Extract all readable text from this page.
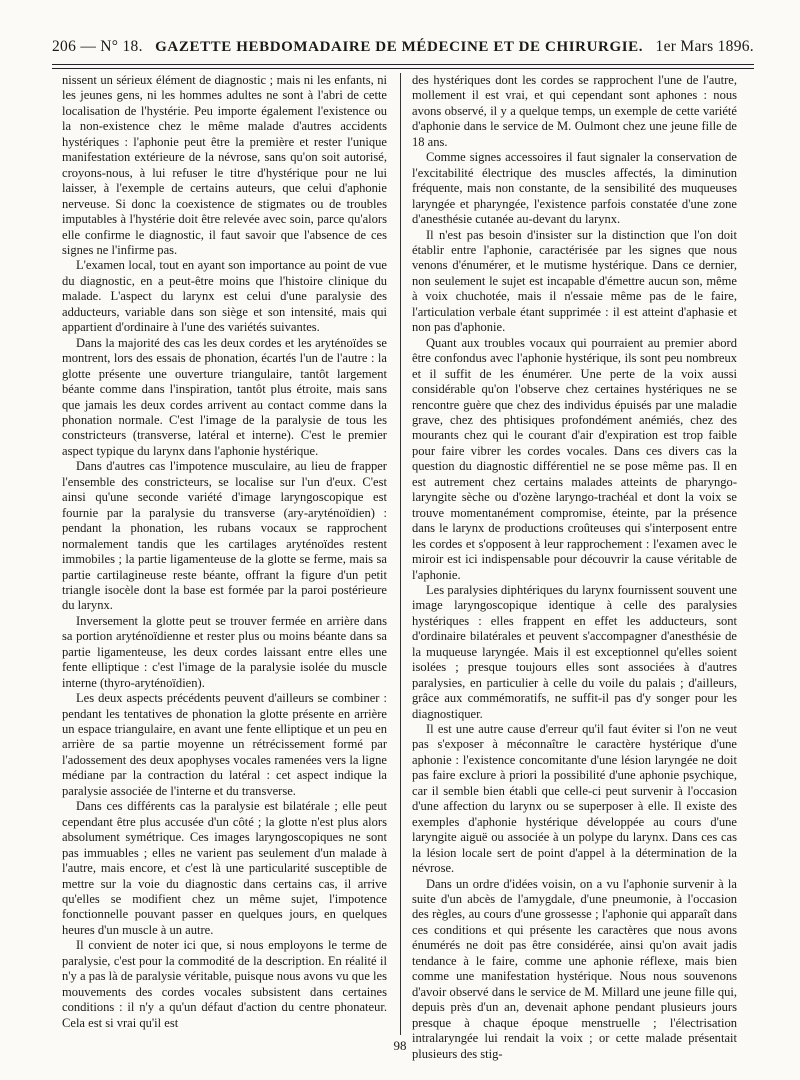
206 — N° 18. GAZETTE HEBDOMADAIRE DE MÉDECINE ET DE CHIRURGIE. 1er Mars 1896.

nissent un sérieux élément de diagnostic ; mais ni les enfants, ni les jeunes gens, ni les hommes adultes ne sont à l'abri de cette localisation de l'hystérie. Peu importe également l'existence ou la non-existence chez le même malade d'autres accidents hystériques : l'aphonie peut être la première et rester l'unique manifestation extérieure de la névrose, sans qu'on soit autorisé, croyons-nous, à lui refuser le titre d'hystérique pour ne lui laisser, à l'exemple de certains auteurs, que celui d'aphonie nerveuse. Si donc la coexistence de stigmates ou de troubles imputables à l'hystérie doit être relevée avec soin, parce qu'alors elle confirme le diagnostic, il faut savoir que l'absence de ces signes ne l'infirme pas.

L'examen local, tout en ayant son importance au point de vue du diagnostic, en a peut-être moins que l'histoire clinique du malade. L'aspect du larynx est celui d'une paralysie des adducteurs, variable dans son siège et son intensité, mais qui appartient d'ordinaire à l'une des variétés suivantes.

Dans la majorité des cas les deux cordes et les aryténoïdes se montrent, lors des essais de phonation, écartés l'un de l'autre : la glotte présente une ouverture triangulaire, tantôt largement béante comme dans l'inspiration, tantôt plus étroite, mais sans que jamais les deux cordes arrivent au contact comme dans la phonation normale. C'est l'image de la paralysie de tous les constricteurs (transverse, latéral et interne). C'est le premier aspect typique du larynx dans l'aphonie hystérique.

Dans d'autres cas l'impotence musculaire, au lieu de frapper l'ensemble des constricteurs, se localise sur l'un d'eux. C'est ainsi qu'une seconde variété d'image laryngoscopique est fournie par la paralysie du transverse (ary-aryténoïdien) : pendant la phonation, les rubans vocaux se rapprochent normalement tandis que les cartilages aryténoïdes restent immobiles ; la partie ligamenteuse de la glotte se ferme, mais sa partie cartilagineuse reste béante, offrant la figure d'un petit triangle isocèle dont la base est formée par la paroi postérieure du larynx.

Inversement la glotte peut se trouver fermée en arrière dans sa portion aryténoïdienne et rester plus ou moins béante dans sa partie ligamenteuse, les deux cordes laissant entre elles une fente elliptique : c'est l'image de la paralysie isolée du muscle interne (thyro-aryténoïdien).

Les deux aspects précédents peuvent d'ailleurs se combiner : pendant les tentatives de phonation la glotte présente en arrière un espace triangulaire, en avant une fente elliptique et un peu en arrière de sa partie moyenne un rétrécissement formé par l'adossement des deux apophyses vocales ramenées vers la ligne médiane par la contraction du latéral : cet aspect indique la paralysie associée de l'interne et du transverse.

Dans ces différents cas la paralysie est bilatérale ; elle peut cependant être plus accusée d'un côté ; la glotte n'est plus alors absolument symétrique. Ces images laryngoscopiques ne sont pas immuables ; elles ne varient pas seulement d'un malade à l'autre, mais encore, et c'est là une particularité susceptible de mettre sur la voie du diagnostic dans certains cas, il arrive qu'elles se modifient chez un même sujet, l'impotence fonctionnelle pouvant passer en quelques jours, en quelques heures d'un muscle à un autre.

Il convient de noter ici que, si nous employons le terme de paralysie, c'est pour la commodité de la description. En réalité il n'y a pas là de paralysie véritable, puisque nous avons vu que les mouvements des cordes vocales subsistent dans certaines conditions : il n'y a qu'un défaut d'action du centre phonateur. Cela est si vrai qu'il est

des hystériques dont les cordes se rapprochent l'une de l'autre, mollement il est vrai, et qui cependant sont aphones : nous avons observé, il y a quelque temps, un exemple de cette variété d'aphonie dans le service de M. Oulmont chez une jeune fille de 18 ans.

Comme signes accessoires il faut signaler la conservation de l'excitabilité électrique des muscles affectés, la diminution fréquente, mais non constante, de la sensibilité des muqueuses laryngée et pharyngée, l'existence parfois constatée d'une zone d'anesthésie cutanée au-devant du larynx.

Il n'est pas besoin d'insister sur la distinction que l'on doit établir entre l'aphonie, caractérisée par les signes que nous venons d'énumérer, et le mutisme hystérique. Dans ce dernier, non seulement le sujet est incapable d'émettre aucun son, même à voix chuchotée, mais il n'essaie même pas de le faire, l'articulation verbale étant supprimée : il est atteint d'aphasie et non pas d'aphonie.

Quant aux troubles vocaux qui pourraient au premier abord être confondus avec l'aphonie hystérique, ils sont peu nombreux et il suffit de les énumérer. Une perte de la voix aussi considérable qu'on l'observe chez certaines hystériques ne se rencontre guère que chez des individus épuisés par une maladie grave, chez des phtisiques profondément anémiés, chez des mourants chez qui le courant d'air d'expiration est trop faible pour faire vibrer les cordes vocales. Dans ces divers cas la question du diagnostic différentiel ne se pose même pas. Il en est autrement chez certains malades atteints de pharyngo-laryngite sèche ou d'ozène laryngo-trachéal et dont la voix se trouve momentanément compromise, éteinte, par la présence dans le larynx de productions croûteuses qui s'interposent entre les cordes et s'opposent à leur rapprochement : l'examen avec le miroir est ici indispensable pour découvrir la cause véritable de l'aphonie.

Les paralysies diphtériques du larynx fournissent souvent une image laryngoscopique identique à celle des paralysies hystériques : elles frappent en effet les adducteurs, sont d'ordinaire bilatérales et peuvent s'accompagner d'anesthésie de la muqueuse laryngée. Mais il est exceptionnel qu'elles soient isolées ; presque toujours elles sont associées à d'autres paralysies, en particulier à celle du voile du palais ; d'ailleurs, grâce aux commémoratifs, ne suffit-il pas d'y songer pour les diagnostiquer.

Il est une autre cause d'erreur qu'il faut éviter si l'on ne veut pas s'exposer à méconnaître le caractère hystérique d'une aphonie : l'existence concomitante d'une lésion laryngée ne doit pas faire exclure à priori la possibilité d'une aphonie psychique, car il semble bien établi que celle-ci peut survenir à l'occasion d'une affection du larynx ou se superposer à elle. Il existe des exemples d'aphonie hystérique développée au cours d'une laryngite aiguë ou associée à un polype du larynx. Dans ces cas la lésion locale sert de point d'appel à la détermination de la névrose.

Dans un ordre d'idées voisin, on a vu l'aphonie survenir à la suite d'un abcès de l'amygdale, d'une pneumonie, à l'occasion des règles, au cours d'une grossesse ; l'aphonie qui apparaît dans ces conditions et qui présente les caractères que nous avons énumérés ne doit pas être considérée, ainsi qu'on avait jadis tendance à le faire, comme une aphonie réflexe, mais bien comme une manifestation hystérique. Nous nous souvenons d'avoir observé dans le service de M. Millard une jeune fille qui, depuis près d'un an, devenait aphone pendant plusieurs jours presque à chaque époque menstruelle ; l'électrisation intralaryngée lui rendait la voix ; or cette malade présentait plusieurs des stig-

98
